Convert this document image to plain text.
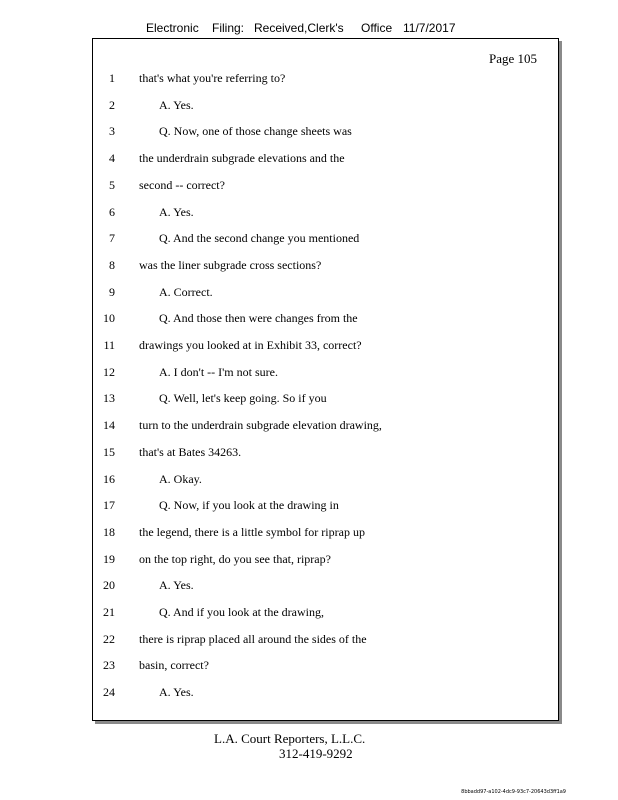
Electronic Filing: Received,Clerk's Office 11/7/2017
Page 105
1 that's what you're referring to?
2	A. Yes.
3	Q. Now, one of those change sheets was
4 the underdrain subgrade elevations and the
5 second -- correct?
6	A. Yes.
7	Q. And the second change you mentioned
8 was the liner subgrade cross sections?
9	A. Correct.
10	Q. And those then were changes from the
11 drawings you looked at in Exhibit 33, correct?
12	A. I don't -- I'm not sure.
13	Q. Well, let's keep going. So if you
14 turn to the underdrain subgrade elevation drawing,
15 that's at Bates 34263.
16	A. Okay.
17	Q. Now, if you look at the drawing in
18 the legend, there is a little symbol for riprap up
19 on the top right, do you see that, riprap?
20	A. Yes.
21	Q. And if you look at the drawing,
22 there is riprap placed all around the sides of the
23 basin, correct?
24	A. Yes.
L.A. Court Reporters, L.L.C.
312-419-9292
8bbadd97-a102-4dc9-93c7-20643d3ff1a9
